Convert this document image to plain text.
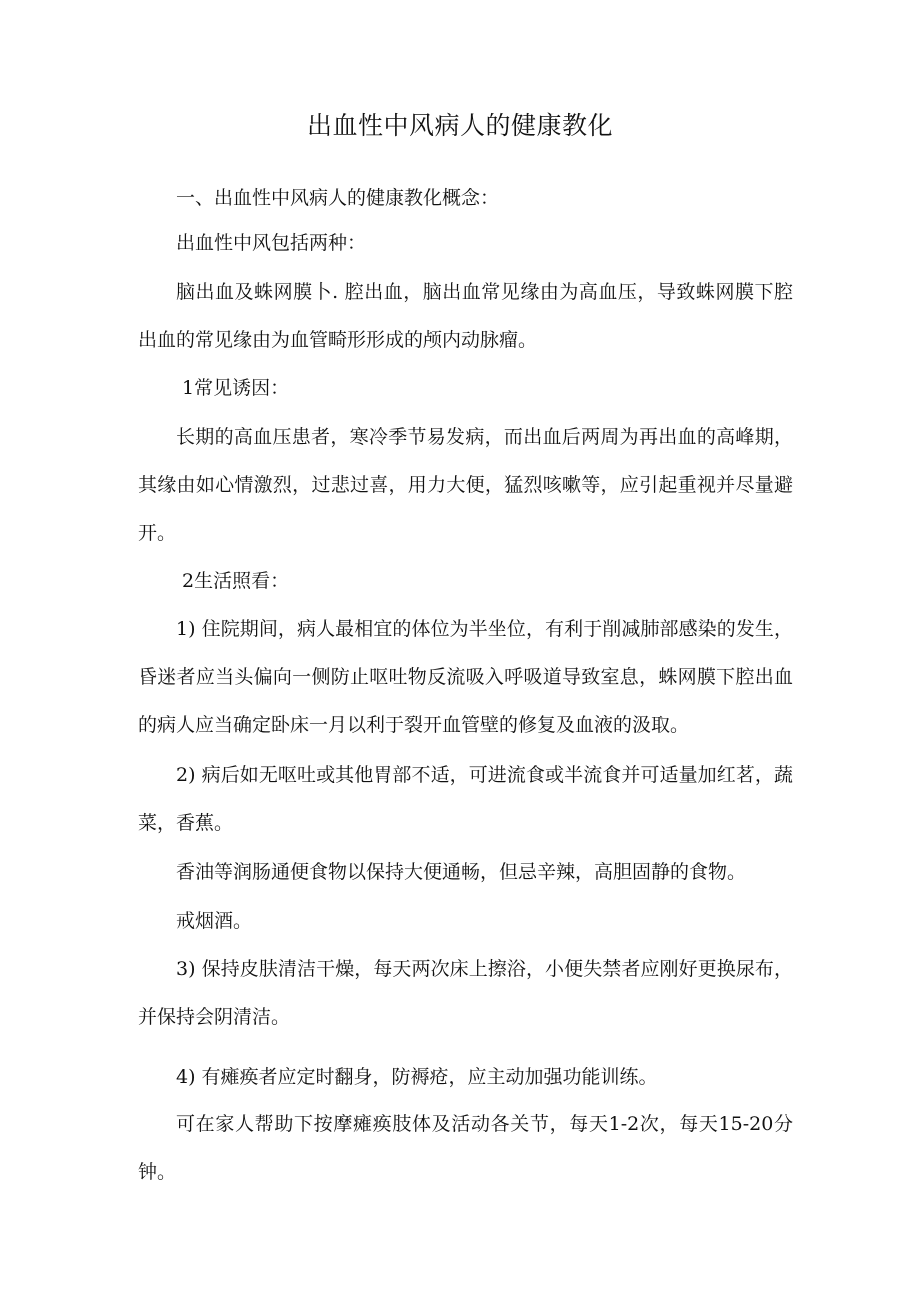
出血性中风病人的健康教化

一、出血性中风病人的健康教化概念：

出血性中风包括两种：

脑出血及蛛网膜卜. 腔出血，脑出血常见缘由为高血压，导致蛛网膜下腔出血的常见缘由为血管畸形形成的颅内动脉瘤。

1常见诱因：

长期的高血压患者，寒冷季节易发病，而出血后两周为再出血的高峰期，其缘由如心情激烈，过悲过喜，用力大便，猛烈咳嗽等，应引起重视并尽量避开。

2生活照看：

1) 住院期间，病人最相宜的体位为半坐位，有利于削减肺部感染的发生，昏迷者应当头偏向一侧防止呕吐物反流吸入呼吸道导致室息，蛛网膜下腔出血的病人应当确定卧床一月以利于裂开血管壁的修复及血液的汲取。

2) 病后如无呕吐或其他胃部不适，可进流食或半流食并可适量加红茗，蔬菜，香蕉。

香油等润肠通便食物以保持大便通畅，但忌辛辣，高胆固静的食物。

戒烟酒。

3) 保持皮肤清洁干燥，每天两次床上擦浴，小便失禁者应刚好更换尿布，并保持会阴清洁。

4) 有瘫痪者应定时翻身，防褥疮，应主动加强功能训练。

可在家人帮助下按摩瘫痪肢体及活动各关节，每天1-2次，每天15-20分钟。
